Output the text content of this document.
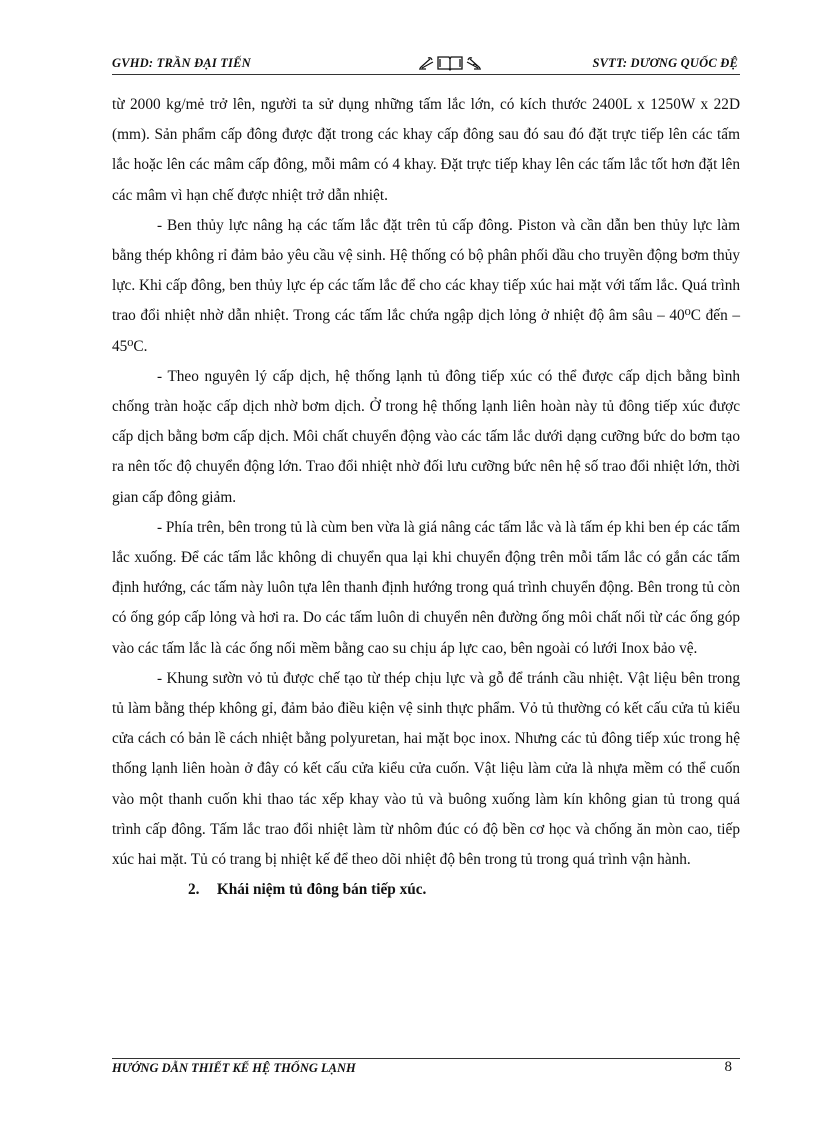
GVHD: TRẦN ĐẠI TIẾN	SVTT: DƯƠNG QUỐC ĐỆ

từ 2000 kg/mẻ trở lên, người ta sử dụng những tấm lắc lớn, có kích thước 2400L x 1250W x 22D (mm). Sản phẩm cấp đông được đặt trong các khay cấp đông sau đó sau đó đặt trực tiếp lên các tấm lắc hoặc lên các mâm cấp đông, mỗi mâm có 4 khay. Đặt trực tiếp khay lên các tấm lắc tốt hơn đặt lên các mâm vì hạn chế được nhiệt trở dẫn nhiệt.

- Ben thủy lực nâng hạ các tấm lắc đặt trên tủ cấp đông. Piston và cần dẫn ben thủy lực làm bằng thép không rỉ đảm bảo yêu cầu vệ sinh. Hệ thống có bộ phân phối dầu cho truyền động bơm thủy lực. Khi cấp đông, ben thủy lực ép các tấm lắc để cho các khay tiếp xúc hai mặt với tấm lắc. Quá trình trao đổi nhiệt nhờ dẫn nhiệt. Trong các tấm lắc chứa ngập dịch lỏng ở nhiệt độ âm sâu – 40⁰C đến – 45⁰C.

- Theo nguyên lý cấp dịch, hệ thống lạnh tủ đông tiếp xúc có thể được cấp dịch bằng bình chống tràn hoặc cấp dịch nhờ bơm dịch. Ở trong hệ thống lạnh liên hoàn này tủ đông tiếp xúc được cấp dịch bằng bơm cấp dịch. Môi chất chuyển động vào các tấm lắc dưới dạng cưỡng bức do bơm tạo ra nên tốc độ chuyển động lớn. Trao đổi nhiệt nhờ đối lưu cưỡng bức nên hệ số trao đổi nhiệt lớn, thời gian cấp đông giảm.

- Phía trên, bên trong tủ là cùm ben vừa là giá nâng các tấm lắc và là tấm ép khi ben ép các tấm lắc xuống. Để các tấm lắc không di chuyển qua lại khi chuyển động trên mỗi tấm lắc có gắn các tấm định hướng, các tấm này luôn tựa lên thanh định hướng trong quá trình chuyển động. Bên trong tủ còn có ống góp cấp lỏng và hơi ra. Do các tấm luôn di chuyển nên đường ống môi chất nối từ các ống góp vào các tấm lắc là các ống nối mềm bằng cao su chịu áp lực cao, bên ngoài có lưới Inox bảo vệ.

- Khung sườn vỏ tủ được chế tạo từ thép chịu lực và gỗ để tránh cầu nhiệt. Vật liệu bên trong tủ làm bằng thép không gỉ, đảm bảo điều kiện vệ sinh thực phẩm. Vỏ tủ thường có kết cấu cửa tủ kiểu cửa cách có bản lề cách nhiệt bằng polyuretan, hai mặt bọc inox. Nhưng các tủ đông tiếp xúc trong hệ thống lạnh liên hoàn ở đây có kết cấu cửa kiểu cửa cuốn. Vật liệu làm cửa là nhựa mềm có thể cuốn vào một thanh cuốn khi thao tác xếp khay vào tủ và buông xuống làm kín không gian tủ trong quá trình cấp đông. Tấm lắc trao đổi nhiệt làm từ nhôm đúc có độ bền cơ học và chống ăn mòn cao, tiếp xúc hai mặt. Tủ có trang bị nhiệt kế để theo dõi nhiệt độ bên trong tủ trong quá trình vận hành.

2. Khái niệm tủ đông bán tiếp xúc.

HƯỚNG DẪN THIẾT KẾ HỆ THỐNG LẠNH	8
